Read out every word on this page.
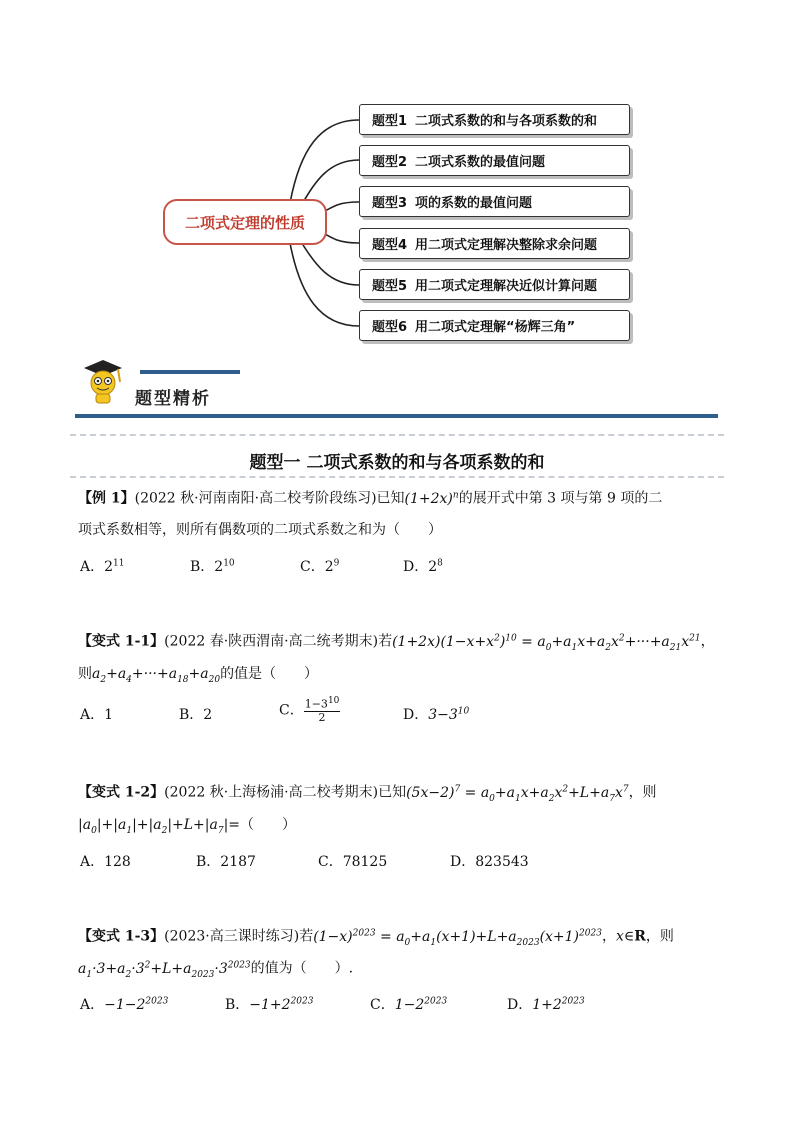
二项式定理的性质
题型1 二项式系数的和与各项系数的和
题型2 二项式系数的最值问题
题型3 项的系数的最值问题
题型4 用二项式定理解决整除求余问题
题型5 用二项式定理解决近似计算问题
题型6 用二项式定理解“杨辉三角”
题型精析
题型一 二项式系数的和与各项系数的和
【例 1】(2022 秋·河南南阳·高二校考阶段练习)已知$(1+2x)^n$的展开式中第 3 项与第 9 项的二
项式系数相等，则所有偶数项的二项式系数之和为（　　）
A．$2^{11}$	B．$2^{10}$	C．$2^9$	D．$2^8$
【变式 1-1】(2022 春·陕西渭南·高二统考期末)若$(1+2x)(1-x+x^2)^{10} = a_0+a_1x+a_2x^2+\cdot\cdot\cdot+a_{21}x^{21}$，
则$a_2+a_4+\cdot\cdot\cdot+a_{18}+a_{20}$的值是（　　）
A．1	B．2	C． $\frac{1-3^{10}}{2}$	D．$3-3^{10}$
【变式 1-2】(2022 秋·上海杨浦·高二校考期末)已知$(5x-2)^7 = a_0+a_1x+a_2x^2+L+a_7x^7$，则
$|a_0|+|a_1|+|a_2|+L+|a_7|=$（　　）
A．128	B．2187	C．78125	D．823543
【变式 1-3】(2023·高三课时练习)若$(1-x)^{2023} = a_0+a_1(x+1)+L+a_{2023}(x+1)^{2023}$，x∈R，则
$a_1\cdot 3+a_2\cdot 3^2+L+a_{2023}\cdot 3^{2023}$的值为（　　）.
A．$-1-2^{2023}$	B．$-1+2^{2023}$	C．$1-2^{2023}$	D．$1+2^{2023}$
